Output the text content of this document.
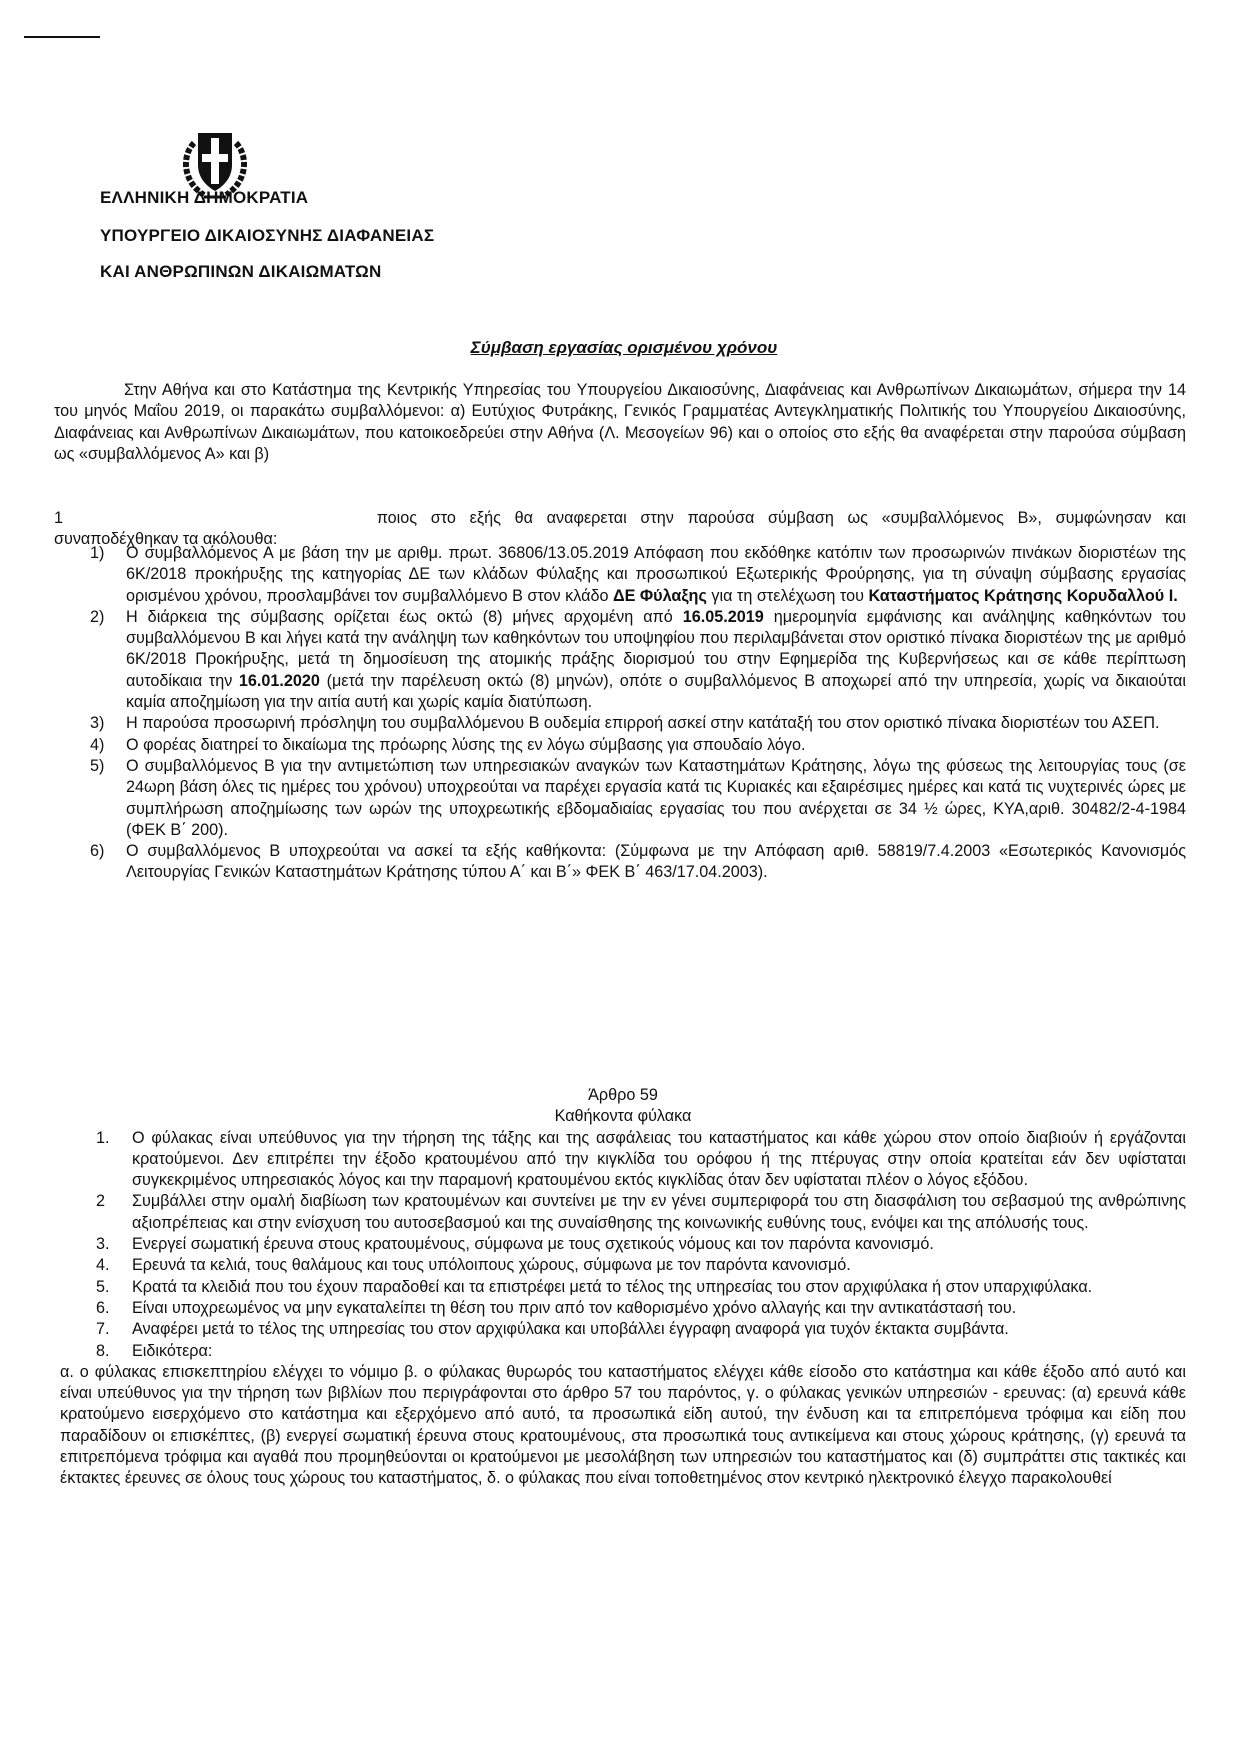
ΕΛΛΗΝΙΚΗ ΔΗΜΟΚΡΑΤΙΑ
ΥΠΟΥΡΓΕΙΟ ΔΙΚΑΙΟΣΥΝΗΣ ΔΙΑΦΑΝΕΙΑΣ
ΚΑΙ ΑΝΘΡΩΠΙΝΩΝ ΔΙΚΑΙΩΜΑΤΩΝ
Σύμβαση εργασίας ορισμένου χρόνου
Στην Αθήνα και στο Κατάστημα της Κεντρικής Υπηρεσίας του Υπουργείου Δικαιοσύνης, Διαφάνειας και Ανθρωπίνων Δικαιωμάτων, σήμερα την 14 του μηνός Μαΐου 2019, οι παρακάτω συμβαλλόμενοι: α) Ευτύχιος Φυτράκης, Γενικός Γραμματέας Αντεγκληματικής Πολιτικής του Υπουργείου Δικαιοσύνης, Διαφάνειας και Ανθρωπίνων Δικαιωμάτων, που κατοικοεδρεύει στην Αθήνα (Λ. Μεσογείων 96) και ο οποίος στο εξής θα αναφέρεται στην παρούσα σύμβαση ως «συμβαλλόμενος Α» και β)
1	ποιος στο εξής θα αναφερεται στην παρούσα σύμβαση ως «συμβαλλόμενος Β», συμφώνησαν και συναποδέχθηκαν τα ακόλουθα:
1)	Ο συμβαλλόμενος Α με βάση την με αριθμ. πρωτ. 36806/13.05.2019 Απόφαση που εκδόθηκε κατόπιν των προσωρινών πινάκων διοριστέων της 6Κ/2018 προκήρυξης της κατηγορίας ΔΕ των κλάδων Φύλαξης και προσωπικού Εξωτερικής Φρούρησης, για τη σύναψη σύμβασης εργασίας ορισμένου χρόνου, προσλαμβάνει τον συμβαλλόμενο Β στον κλάδο ΔΕ Φύλαξης για τη στελέχωση του Καταστήματος Κράτησης Κορυδαλλού Ι.
2)	Η διάρκεια της σύμβασης ορίζεται έως οκτώ (8) μήνες αρχομένη από 16.05.2019 ημερομηνία εμφάνισης και ανάληψης καθηκόντων του συμβαλλόμενου Β και λήγει κατά την ανάληψη των καθηκόντων του υποψηφίου που περιλαμβάνεται στον οριστικό πίνακα διοριστέων της με αριθμό 6Κ/2018 Προκήρυξης, μετά τη δημοσίευση της ατομικής πράξης διορισμού του στην Εφημερίδα της Κυβερνήσεως και σε κάθε περίπτωση αυτοδίκαια την 16.01.2020 (μετά την παρέλευση οκτώ (8) μηνών), οπότε ο συμβαλλόμενος Β αποχωρεί από την υπηρεσία, χωρίς να δικαιούται καμία αποζημίωση για την αιτία αυτή και χωρίς καμία διατύπωση.
3)	Η παρούσα προσωρινή πρόσληψη του συμβαλλόμενου Β ουδεμία επιρροή ασκεί στην κατάταξή του στον οριστικό πίνακα διοριστέων του ΑΣΕΠ.
4)	Ο φορέας διατηρεί το δικαίωμα της πρόωρης λύσης της εν λόγω σύμβασης για σπουδαίο λόγο.
5)	Ο συμβαλλόμενος Β για την αντιμετώπιση των υπηρεσιακών αναγκών των Καταστημάτων Κράτησης, λόγω της φύσεως της λειτουργίας τους (σε 24ωρη βάση όλες τις ημέρες του χρόνου) υποχρεούται να παρέχει εργασία κατά τις Κυριακές και εξαιρέσιμες ημέρες και κατά τις νυχτερινές ώρες με συμπλήρωση αποζημίωσης των ωρών της υποχρεωτικής εβδομαδιαίας εργασίας του που ανέρχεται σε 34 ½ ώρες, ΚΥΑ,αριθ. 30482/2-4-1984 (ΦΕΚ Β΄ 200).
6)	Ο συμβαλλόμενος Β υποχρεούται να ασκεί τα εξής καθήκοντα: (Σύμφωνα με την Απόφαση αριθ. 58819/7.4.2003 «Εσωτερικός Κανονισμός Λειτουργίας Γενικών Καταστημάτων Κράτησης τύπου Α΄ και Β΄» ΦΕΚ Β΄ 463/17.04.2003).

Άρθρο 59

Καθήκοντα φύλακα

1.	Ο φύλακας είναι υπεύθυνος για την τήρηση της τάξης και της ασφάλειας του καταστήματος και κάθε χώρου στον οποίο διαβιούν ή εργάζονται κρατούμενοι. Δεν επιτρέπει την έξοδο κρατουμένου από την κιγκλίδα του ορόφου ή της πτέρυγας στην οποία κρατείται εάν δεν υφίσταται συγκεκριμένος υπηρεσιακός λόγος και την παραμονή κρατουμένου εκτός κιγκλίδας όταν δεν υφίσταται πλέον ο λόγος εξόδου.
2	Συμβάλλει στην ομαλή διαβίωση των κρατουμένων και συντείνει με την εν γένει συμπεριφορά του στη διασφάλιση του σεβασμού της ανθρώπινης αξιοπρέπειας και στην ενίσχυση του αυτοσεβασμού και της συναίσθησης της κοινωνικής ευθύνης τους, ενόψει και της απόλυσής τους.
3.	Ενεργεί σωματική έρευνα στους κρατουμένους, σύμφωνα με τους σχετικούς νόμους και τον παρόντα κανονισμό.
4.	Ερευνά τα κελιά, τους θαλάμους και τους υπόλοιπους χώρους, σύμφωνα με τον παρόντα κανονισμό.
5.	Κρατά τα κλειδιά που του έχουν παραδοθεί και τα επιστρέφει μετά το τέλος της υπηρεσίας του στον αρχιφύλακα ή στον υπαρχιφύλακα.
6.	Είναι υποχρεωμένος να μην εγκαταλείπει τη θέση του πριν από τον καθορισμένο χρόνο αλλαγής και την αντικατάστασή του.
7.	Αναφέρει μετά το τέλος της υπηρεσίας του στον αρχιφύλακα και υποβάλλει έγγραφη αναφορά για τυχόν έκτακτα συμβάντα.
8.	Ειδικότερα:
α. ο φύλακας επισκεπτηρίου ελέγχει το νόμιμο β. ο φύλακας θυρωρός του καταστήματος ελέγχει κάθε είσοδο στο κατάστημα και κάθε έξοδο από αυτό και είναι υπεύθυνος για την τήρηση των βιβλίων που περιγράφονται στο άρθρο 57 του παρόντος, γ. ο φύλακας γενικών υπηρεσιών - ερευνας: (α) ερευνά κάθε κρατούμενο εισερχόμενο στο κατάστημα και εξερχόμενο από αυτό, τα προσωπικά είδη αυτού, την ένδυση και τα επιτρεπόμενα τρόφιμα και είδη που παραδίδουν οι επισκέπτες, (β) ενεργεί σωματική έρευνα στους κρατουμένους, στα προσωπικά τους αντικείμενα και στους χώρους κράτησης, (γ) ερευνά τα επιτρεπόμενα τρόφιμα και αγαθά που προμηθεύονται οι κρατούμενοι με μεσολάβηση των υπηρεσιών του καταστήματος και (δ) συμπράττει στις τακτικές και έκτακτες έρευνες σε όλους τους χώρους του καταστήματος, δ. ο φύλακας που είναι τοποθετημένος στον κεντρικό ηλεκτρονικό έλεγχο παρακολουθεί
